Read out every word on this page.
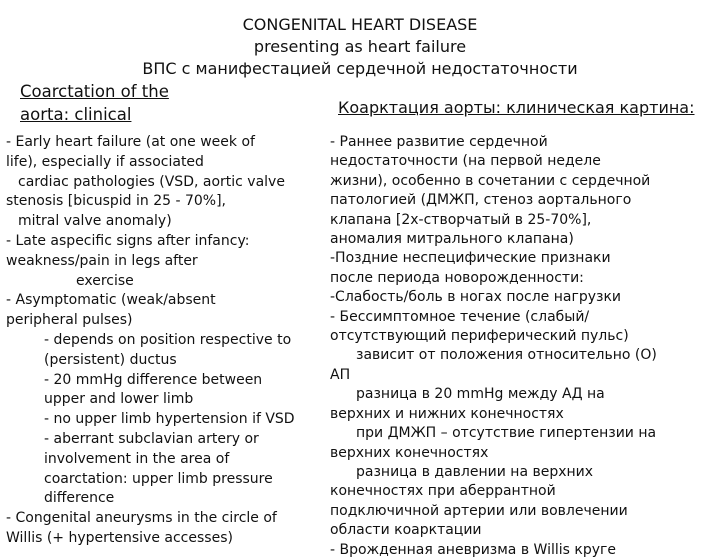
CONGENITAL HEART DISEASE
presenting as heart failure
ВПС с манифестацией сердечной недостаточности
Coarctation of the
aorta: clinical	Коарктация аорты: клиническая картина:
- Early heart failure (at one week of
life), especially if associated
cardiac pathologies (VSD, aortic valve
stenosis [bicuspid in 25 - 70%],
mitral valve anomaly)
- Late aspecific signs after infancy:
weakness/pain in legs after
exercise
- Asymptomatic (weak/absent
peripheral pulses)
- depends on position respective to
(persistent) ductus
- 20 mmHg difference between
upper and lower limb
- no upper limb hypertension if VSD
- aberrant subclavian artery or
involvement in the area of
coarctation: upper limb pressure
difference
- Congenital aneurysms in the circle of
Willis (+ hypertensive accesses)
- Раннее развитие сердечной
недостаточности (на первой неделе
жизни), особенно в сочетании с сердечной
патологией (ДМЖП, стеноз аортального
клапана [2х-створчатый в 25-70%],
аномалия митрального клапана)
-Поздние неспецифические признаки
после периода новорожденности:
-Слабость/боль в ногах после нагрузки
- Бессимптомное течение (слабый/
отсутствующий периферический пульс)
зависит от положения относительно (О)
АП
разница в 20 mmHg между АД на
верхних и нижних конечностях
при ДМЖП – отсутствие гипертензии на
верхних конечностях
разница в давлении на верхних
конечностях при аберрантной
подключичной артерии или вовлечении
области коарктации
- Врожденная аневризма в Willis круге
